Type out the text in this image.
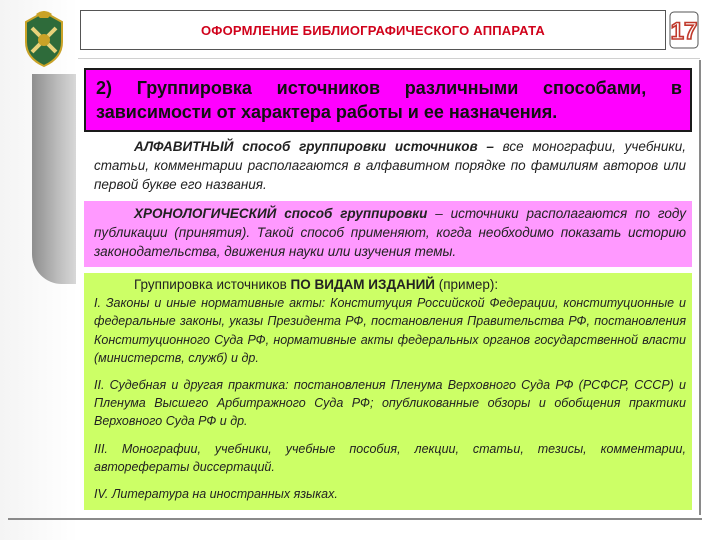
ОФОРМЛЕНИЕ БИБЛИОГРАФИЧЕСКОГО АППАРАТА	17
2) Группировка источников различными способами, в зависимости от характера работы и ее назначения.
АЛФАВИТНЫЙ способ группировки источников – все монографии, учебники, статьи, комментарии располагаются в алфавитном порядке по фамилиям авторов или первой букве его названия.
ХРОНОЛОГИЧЕСКИЙ способ группировки – источники располагаются по году публикации (принятия). Такой способ применяют, когда необходимо показать историю законодательства, движения науки или изучения темы.

Группировка источников ПО ВИДАМ ИЗДАНИЙ (пример):

I. Законы и иные нормативные акты: Конституция Российской Федерации, конституционные и федеральные законы, указы Президента РФ, постановления Правительства РФ, постановления Конституционного Суда РФ, нормативные акты федеральных органов государственной власти (министерств, служб) и др.

II. Судебная и другая практика: постановления Пленума Верховного Суда РФ (РСФСР, СССР) и Пленума Высшего Арбитражного Суда РФ; опубликованные обзоры и обобщения практики Верховного Суда РФ и др.

III. Монографии, учебники, учебные пособия, лекции, статьи, тезисы, комментарии, авторефераты диссертаций.

IV. Литература на иностранных языках.
